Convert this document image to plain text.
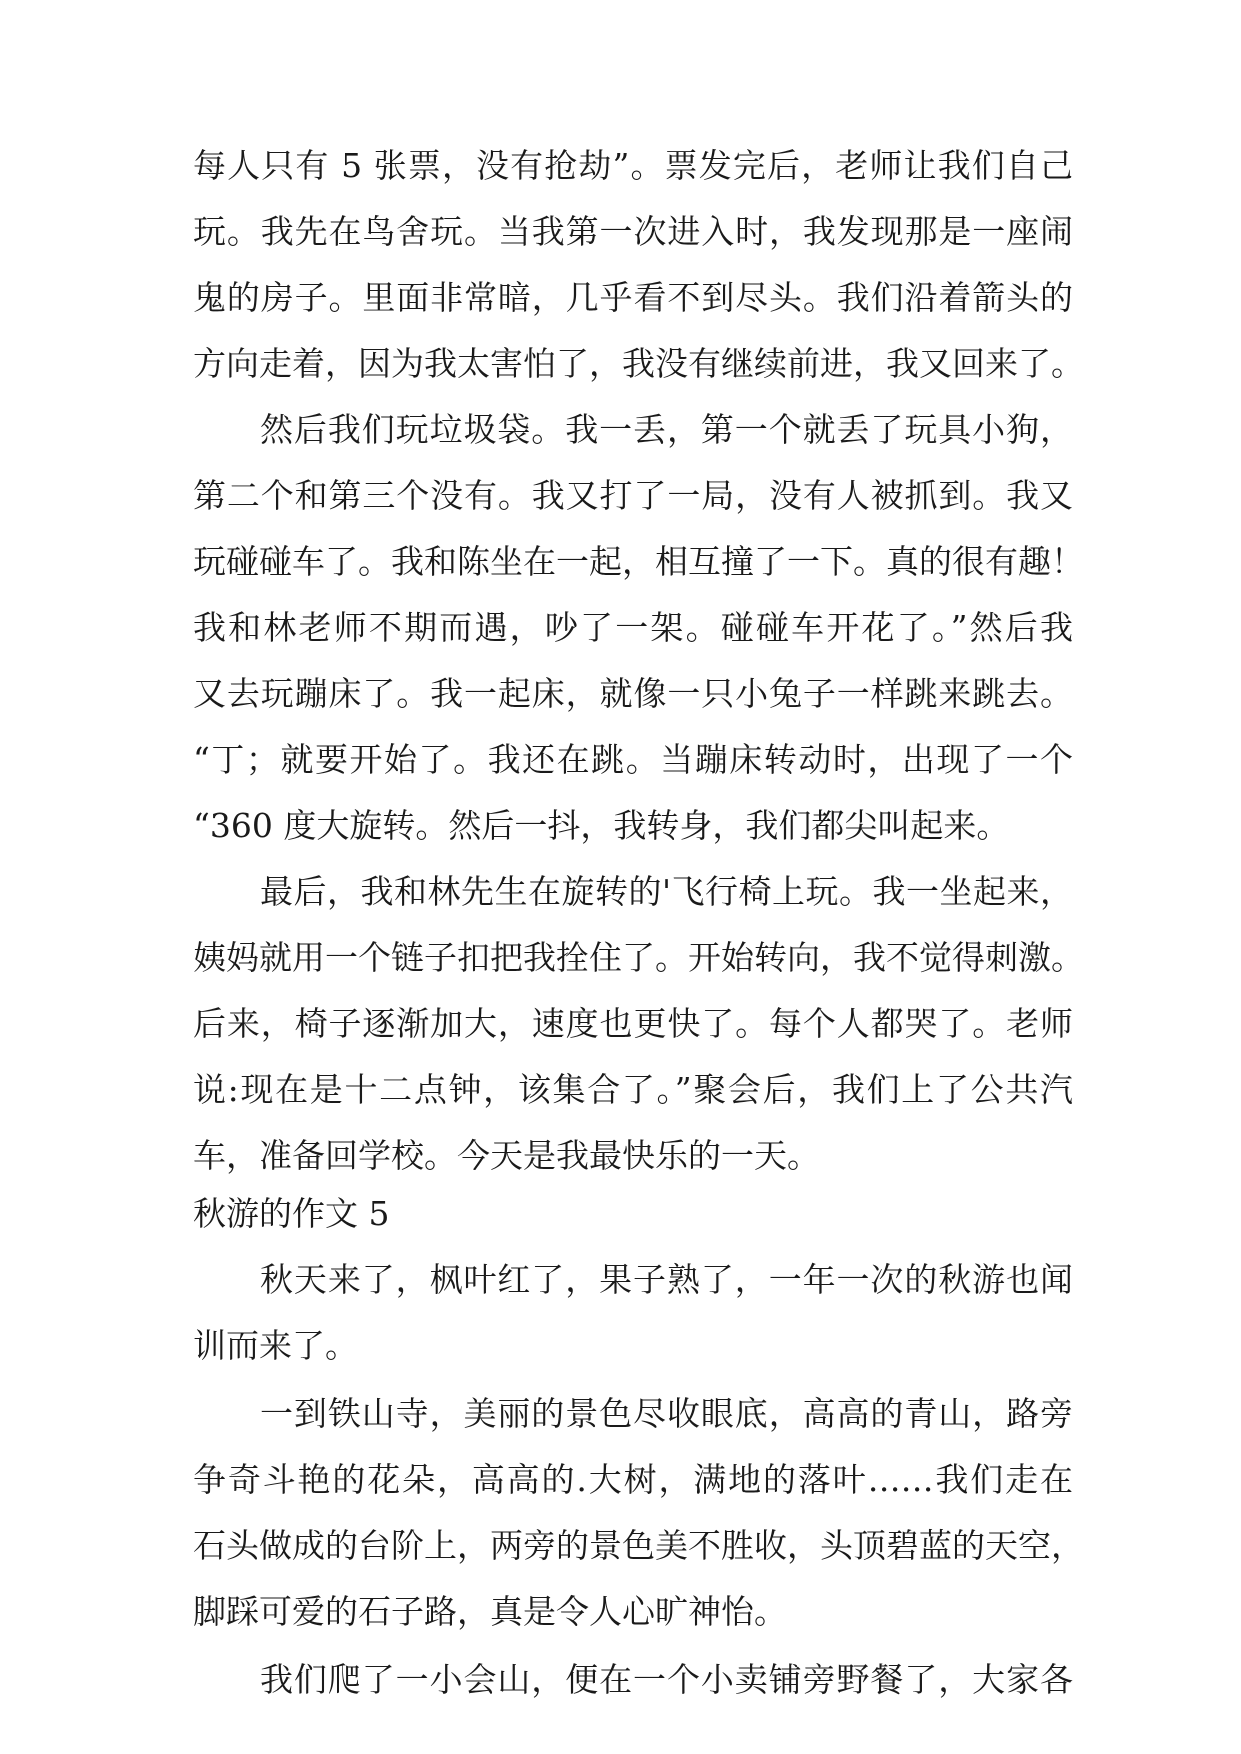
每人只有 5 张票，没有抢劫”。票发完后，老师让我们自己
玩。我先在鸟舍玩。当我第一次进入时，我发现那是一座闹
鬼的房子。里面非常暗，几乎看不到尽头。我们沿着箭头的
方向走着，因为我太害怕了，我没有继续前进，我又回来了。
然后我们玩垃圾袋。我一丢，第一个就丢了玩具小狗，
第二个和第三个没有。我又打了一局，没有人被抓到。我又
玩碰碰车了。我和陈坐在一起，相互撞了一下。真的很有趣！
我和林老师不期而遇，吵了一架。碰碰车开花了。”然后我
又去玩蹦床了。我一起床，就像一只小兔子一样跳来跳去。
“丁；就要开始了。我还在跳。当蹦床转动时，出现了一个
“360 度大旋转。然后一抖，我转身，我们都尖叫起来。
最后，我和林先生在旋转的'飞行椅上玩。我一坐起来，
姨妈就用一个链子扣把我拴住了。开始转向，我不觉得刺激。
后来，椅子逐渐加大，速度也更快了。每个人都哭了。老师
说:现在是十二点钟，该集合了。”聚会后，我们上了公共汽
车，准备回学校。今天是我最快乐的一天。
秋游的作文 5
秋天来了，枫叶红了，果子熟了，一年一次的秋游也闻
训而来了。
一到铁山寺，美丽的景色尽收眼底，高高的青山，路旁
争奇斗艳的花朵，高高的.大树，满地的落叶……我们走在
石头做成的台阶上，两旁的景色美不胜收，头顶碧蓝的天空，
脚踩可爱的石子路，真是令人心旷神怡。
我们爬了一小会山，便在一个小卖铺旁野餐了，大家各
